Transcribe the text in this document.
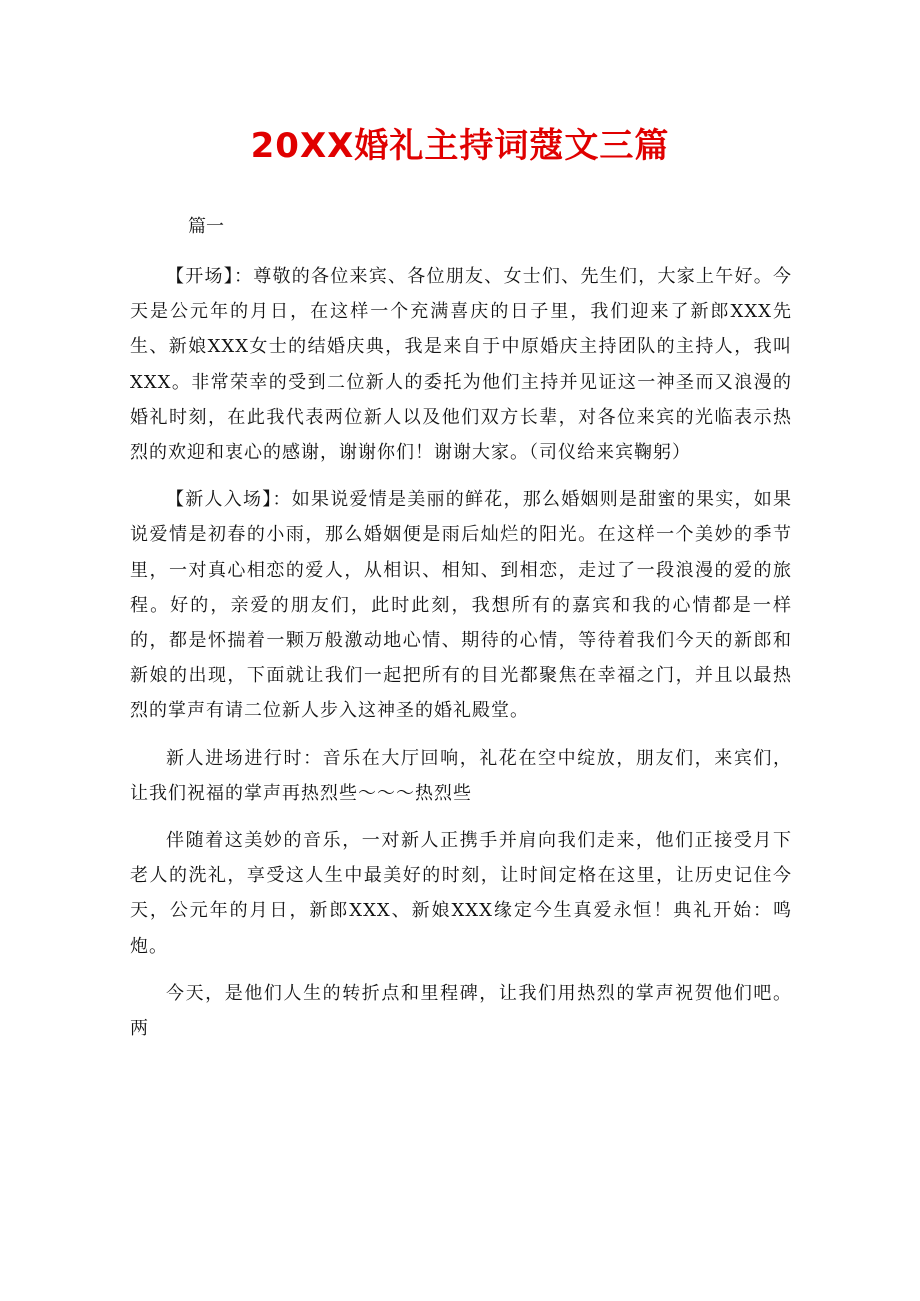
20XX婚礼主持词蔻文三篇
篇一

【开场】：尊敬的各位来宾、各位朋友、女士们、先生们，大家上午好。今天是公元年的月日，在这样一个充满喜庆的日子里，我们迎来了新郎XXX先生、新娘XXX女士的结婚庆典，我是来自于中原婚庆主持团队的主持人，我叫XXX。非常荣幸的受到二位新人的委托为他们主持并见证这一神圣而又浪漫的婚礼时刻，在此我代表两位新人以及他们双方长辈，对各位来宾的光临表示热烈的欢迎和衷心的感谢，谢谢你们！谢谢大家。（司仪给来宾鞠躬）

【新人入场】：如果说爱情是美丽的鲜花，那么婚姻则是甜蜜的果实，如果说爱情是初春的小雨，那么婚姻便是雨后灿烂的阳光。在这样一个美妙的季节里，一对真心相恋的爱人，从相识、相知、到相恋，走过了一段浪漫的爱的旅程。好的，亲爱的朋友们，此时此刻，我想所有的嘉宾和我的心情都是一样的，都是怀揣着一颗万般激动地心情、期待的心情，等待着我们今天的新郎和新娘的出现，下面就让我们一起把所有的目光都聚焦在幸福之门，并且以最热烈的掌声有请二位新人步入这神圣的婚礼殿堂。

新人进场进行时：音乐在大厅回响，礼花在空中绽放，朋友们，来宾们，让我们祝福的掌声再热烈些～～～热烈些

伴随着这美妙的音乐，一对新人正携手并肩向我们走来，他们正接受月下老人的洗礼，享受这人生中最美好的时刻，让时间定格在这里，让历史记住今天，公元年的月日，新郎XXX、新娘XXX缘定今生真爱永恒！典礼开始：鸣炮。

今天，是他们人生的转折点和里程碑，让我们用热烈的掌声祝贺他们吧。两
